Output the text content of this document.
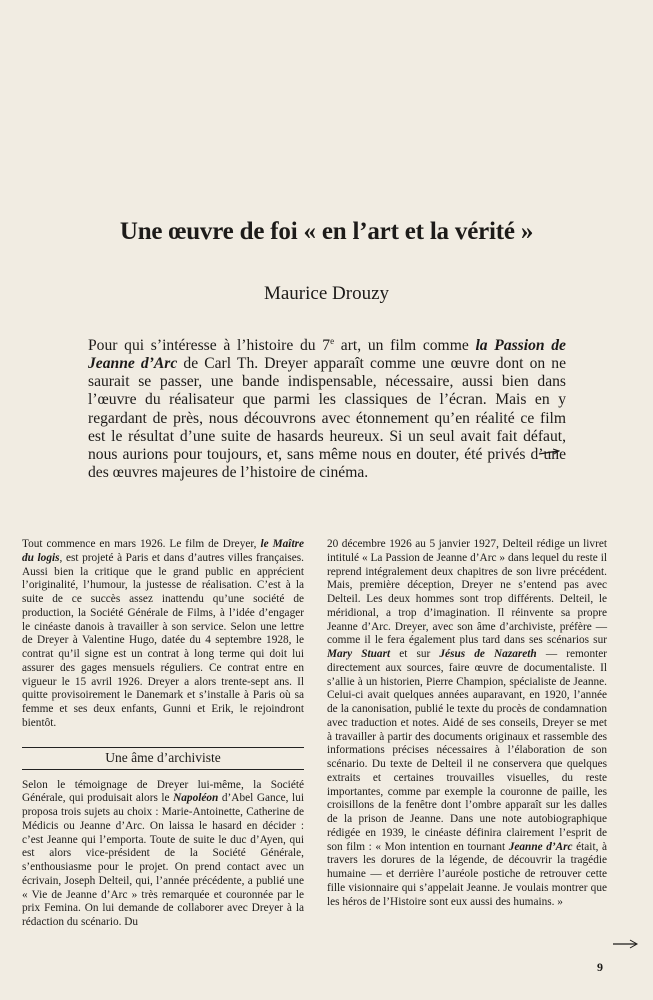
Une œuvre de foi « en l’art et la vérité »
Maurice Drouzy

Pour qui s’intéresse à l’histoire du 7e art, un film comme la Passion de Jeanne d’Arc de Carl Th. Dreyer apparaît comme une œuvre dont on ne saurait se passer, une bande indispensable, nécessaire, aussi bien dans l’œuvre du réalisateur que parmi les classiques de l’écran. Mais en y regardant de près, nous découvrons avec étonnement qu’en réalité ce film est le résultat d’une suite de hasards heureux. Si un seul avait fait défaut, nous aurions pour toujours, et, sans même nous en douter, été privés d’une des œuvres majeures de l’histoire de cinéma.

Tout commence en mars 1926. Le film de Dreyer, le Maître du logis, est projeté à Paris et dans d’autres villes françaises. Aussi bien la critique que le grand public en apprécient l’originalité, l’humour, la justesse de réalisation. C’est à la suite de ce succès assez inattendu qu’une société de production, la Société Générale de Films, à l’idée d’engager le cinéaste danois à travailler à son service. Selon une lettre de Dreyer à Valentine Hugo, datée du 4 septembre 1928, le contrat qu’il signe est un contrat à long terme qui doit lui assurer des gages mensuels réguliers. Ce contrat entre en vigueur le 15 avril 1926. Dreyer a alors trente-sept ans. Il quitte provisoirement le Danemark et s’installe à Paris où sa femme et ses deux enfants, Gunni et Erik, le rejoindront bientôt.

Une âme d’archiviste

Selon le témoignage de Dreyer lui-même, la Société Générale, qui produisait alors le Napoléon d’Abel Gance, lui proposa trois sujets au choix : Marie-Antoinette, Catherine de Médicis ou Jeanne d’Arc. On laissa le hasard en décider : c’est Jeanne qui l’emporta. Toute de suite le duc d’Ayen, qui est alors vice-président de la Société Générale, s’enthousiasme pour le projet. On prend contact avec un écrivain, Joseph Delteil, qui, l’année précédente, a publié une « Vie de Jeanne d’Arc » très remarquée et couronnée par le prix Femina. On lui demande de collaborer avec Dreyer à la rédaction du scénario. Du

20 décembre 1926 au 5 janvier 1927, Delteil rédige un livret intitulé « La Passion de Jeanne d’Arc » dans lequel du reste il reprend intégralement deux chapitres de son livre précédent. Mais, première déception, Dreyer ne s’entend pas avec Delteil. Les deux hommes sont trop différents. Delteil, le méridional, a trop d’imagination. Il réinvente sa propre Jeanne d’Arc. Dreyer, avec son âme d’archiviste, préfère — comme il le fera également plus tard dans ses scénarios sur Mary Stuart et sur Jésus de Nazareth — remonter directement aux sources, faire œuvre de documentaliste. Il s’allie à un historien, Pierre Champion, spécialiste de Jeanne. Celui-ci avait quelques années auparavant, en 1920, l’année de la canonisation, publié le texte du procès de condamnation avec traduction et notes. Aidé de ses conseils, Dreyer se met à travailler à partir des documents originaux et rassemble des informations précises nécessaires à l’élaboration de son scénario. Du texte de Delteil il ne conservera que quelques extraits et certaines trouvailles visuelles, du reste importantes, comme par exemple la couronne de paille, les croisillons de la fenêtre dont l’ombre apparaît sur les dalles de la prison de Jeanne. Dans une note autobiographique rédigée en 1939, le cinéaste définira clairement l’esprit de son film : « Mon intention en tournant Jeanne d’Arc était, à travers les dorures de la légende, de découvrir la tragédie humaine — et derrière l’auréole postiche de retrouver cette fille visionnaire qui s’appelait Jeanne. Je voulais montrer que les héros de l’Histoire sont eux aussi des humains. »

9
